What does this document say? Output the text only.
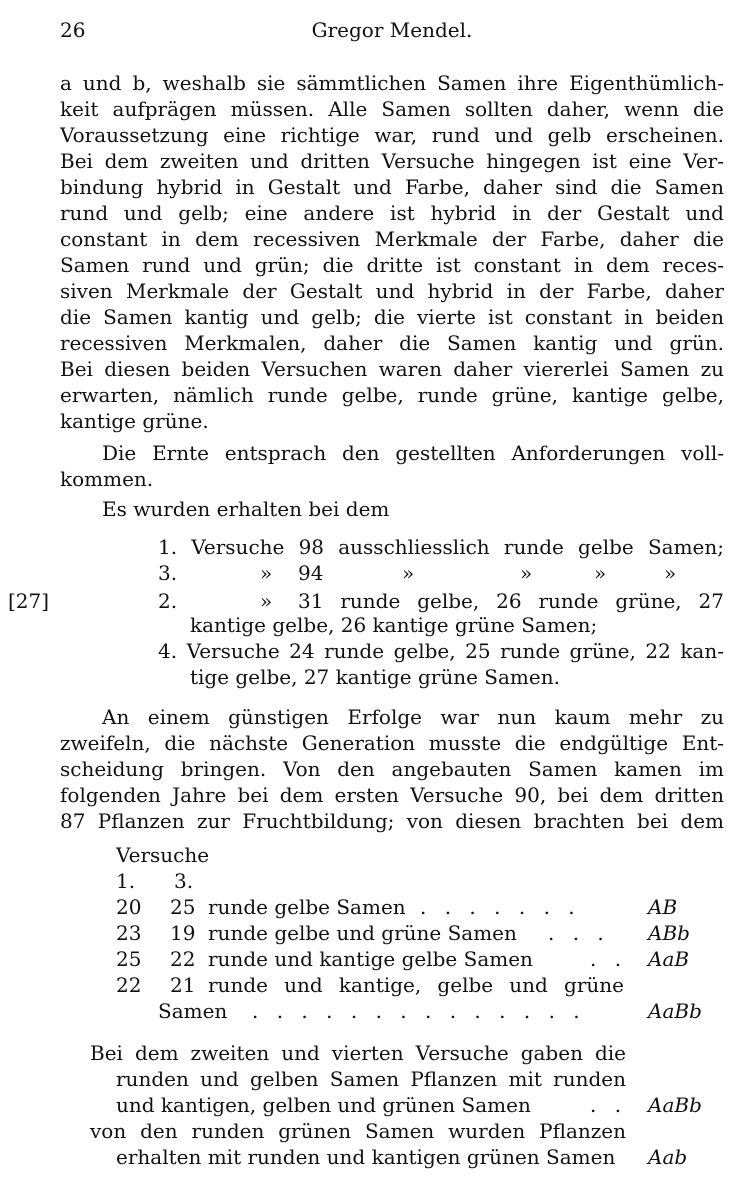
26	Gregor Mendel.
a und b, weshalb sie sämmtlichen Samen ihre Eigenthümlich-
keit aufprägen müssen. Alle Samen sollten daher, wenn die
Voraussetzung eine richtige war, rund und gelb erscheinen.
Bei dem zweiten und dritten Versuche hingegen ist eine Ver-
bindung hybrid in Gestalt und Farbe, daher sind die Samen
rund und gelb; eine andere ist hybrid in der Gestalt und
constant in dem recessiven Merkmale der Farbe, daher die
Samen rund und grün; die dritte ist constant in dem reces-
siven Merkmale der Gestalt und hybrid in der Farbe, daher
die Samen kantig und gelb; die vierte ist constant in beiden
recessiven Merkmalen, daher die Samen kantig und grün.
Bei diesen beiden Versuchen waren daher viererlei Samen zu
erwarten, nämlich runde gelbe, runde grüne, kantige gelbe,
kantige grüne.
Die Ernte entsprach den gestellten Anforderungen voll-
kommen.
Es wurden erhalten bei dem
1. Versuche 98 ausschliesslich runde gelbe Samen;
3.	» 94	»	»	»	»
[27]	2.	» 31 runde gelbe, 26 runde grüne, 27
kantige gelbe, 26 kantige grüne Samen;
4. Versuche 24 runde gelbe, 25 runde grüne, 22 kan-
tige gelbe, 27 kantige grüne Samen.
An einem günstigen Erfolge war nun kaum mehr zu
zweifeln, die nächste Generation musste die endgültige Ent-
scheidung bringen. Von den angebauten Samen kamen im
folgenden Jahre bei dem ersten Versuche 90, bei dem dritten
87 Pflanzen zur Fruchtbildung; von diesen brachten bei dem
Versuche
1. 3.
20 25 runde gelbe Samen . . . . . . .	AB
23 19 runde gelbe und grüne Samen . . . ABb
25 22 runde und kantige gelbe Samen	. . AaB
22 21 runde und kantige, gelbe und grüne
Samen . . . . . . . . . . . . . .	AaBb
Bei dem zweiten und vierten Versuche gaben die
runden und gelben Samen Pflanzen mit runden
und kantigen, gelben und grünen Samen	. . AaBb
von den runden grünen Samen wurden Pflanzen
erhalten mit runden und kantigen grünen Samen Aab
